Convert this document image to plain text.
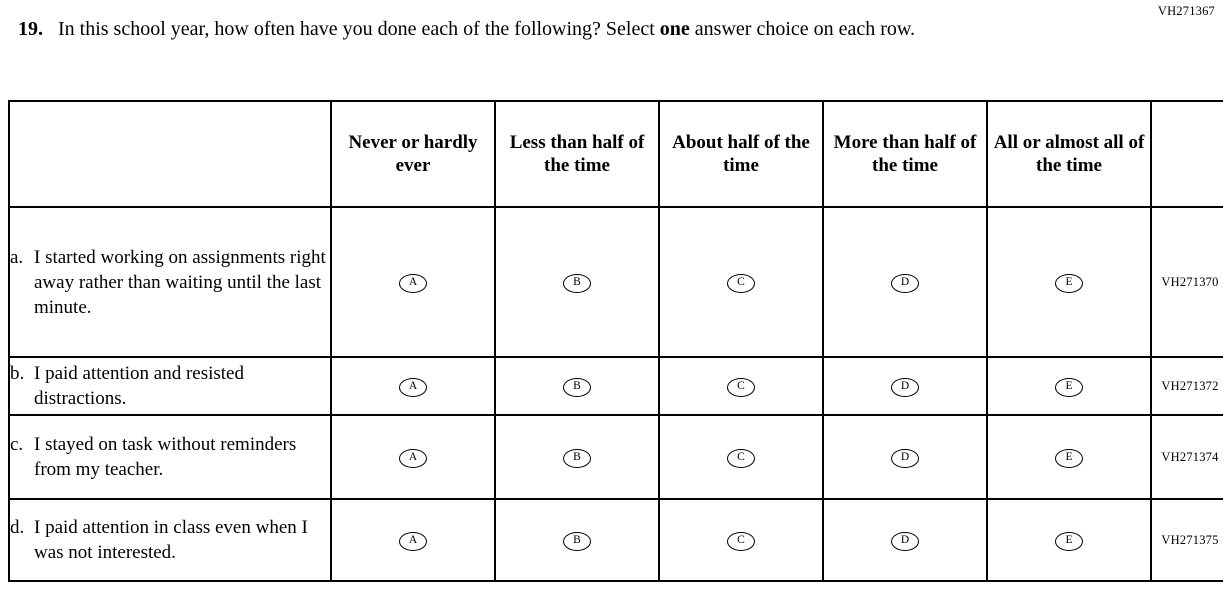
VH271367
19. In this school year, how often have you done each of the following? Select one answer choice on each row.
	Never or hardly ever	Less than half of the time	About half of the time	More than half of the time	All or almost all of the time	

a. I started working on assignments right away rather than waiting until the last minute.	A	B	C	D	E	VH271370

b. I paid attention and resisted distractions.	A	B	C	D	E	VH271372

c. I stayed on task without reminders from my teacher.	A	B	C	D	E	VH271374

d. I paid attention in class even when I was not interested.	A	B	C	D	E	VH271375
